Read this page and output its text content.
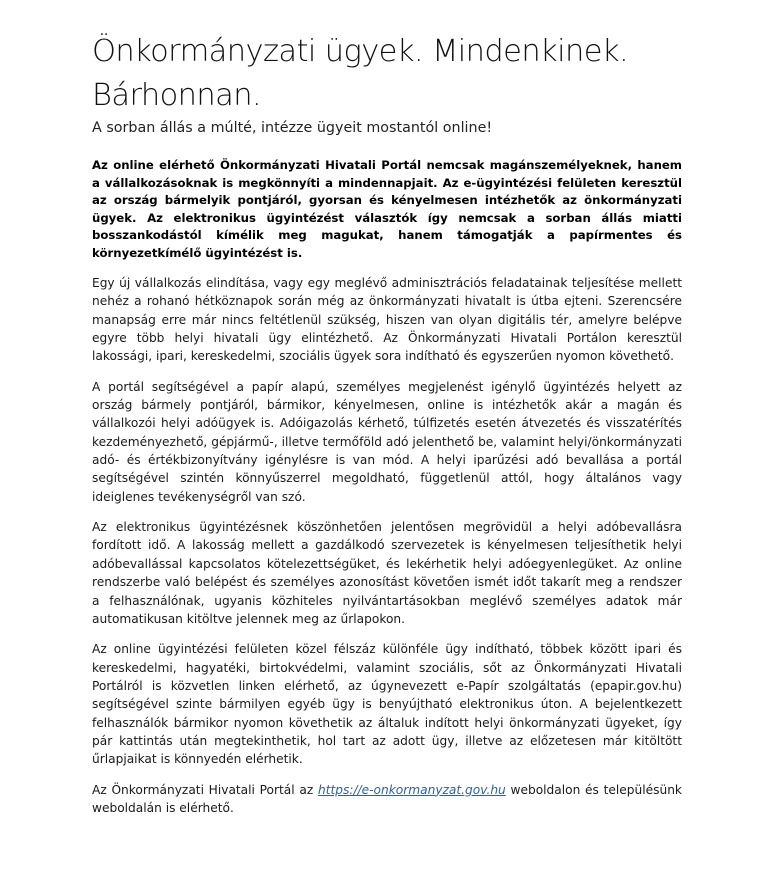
Önkormányzati ügyek. Mindenkinek. Bárhonnan.
A sorban állás a múlté, intézze ügyeit mostantól online!

Az online elérhető Önkormányzati Hivatali Portál nemcsak magánszemélyeknek, hanem a vállalkozásoknak is megkönnyíti a mindennapjait. Az e-ügyintézési felületen keresztül az ország bármelyik pontjáról, gyorsan és kényelmesen intézhetők az önkormányzati ügyek. Az elektronikus ügyintézést választók így nemcsak a sorban állás miatti bosszankodástól kímélik meg magukat, hanem támogatják a papírmentes és környezetkímélő ügyintézést is.

Egy új vállalkozás elindítása, vagy egy meglévő adminisztrációs feladatainak teljesítése mellett nehéz a rohanó hétköznapok során még az önkormányzati hivatalt is útba ejteni. Szerencsére manapság erre már nincs feltétlenül szükség, hiszen van olyan digitális tér, amelyre belépve egyre több helyi hivatali ügy elintézhető. Az Önkormányzati Hivatali Portálon keresztül lakossági, ipari, kereskedelmi, szociális ügyek sora indítható és egyszerűen nyomon követhető.

A portál segítségével a papír alapú, személyes megjelenést igénylő ügyintézés helyett az ország bármely pontjáról, bármikor, kényelmesen, online is intézhetők akár a magán és vállalkozói helyi adóügyek is. Adóigazolás kérhető, túlfizetés esetén átvezetés és visszatérítés kezdeményezhető, gépjármű-, illetve termőföld adó jelenthető be, valamint helyi/önkormányzati adó- és értékbizonyítvány igénylésre is van mód. A helyi iparűzési adó bevallása a portál segítségével szintén könnyűszerrel megoldható, függetlenül attól, hogy általános vagy ideiglenes tevékenységről van szó.

Az elektronikus ügyintézésnek köszönhetően jelentősen megrövidül a helyi adóbevallásra fordított idő. A lakosság mellett a gazdálkodó szervezetek is kényelmesen teljesíthetik helyi adóbevallással kapcsolatos kötelezettségüket, és lekérhetik helyi adóegyenlegüket. Az online rendszerbe való belépést és személyes azonosítást követően ismét időt takarít meg a rendszer a felhasználónak, ugyanis közhiteles nyilvántartásokban meglévő személyes adatok már automatikusan kitöltve jelennek meg az űrlapokon.

Az online ügyintézési felületen közel félszáz különféle ügy indítható, többek között ipari és kereskedelmi, hagyatéki, birtokvédelmi, valamint szociális, sőt az Önkormányzati Hivatali Portálról is közvetlen linken elérhető, az úgynevezett e-Papír szolgáltatás (epapir.gov.hu) segítségével szinte bármilyen egyéb ügy is benyújtható elektronikus úton. A bejelentkezett felhasználók bármikor nyomon követhetik az általuk indított helyi önkormányzati ügyeket, így pár kattintás után megtekinthetik, hol tart az adott ügy, illetve az előzetesen már kitöltött űrlapjaikat is könnyedén elérhetik.

Az Önkormányzati Hivatali Portál az https://e-onkormanyzat.gov.hu weboldalon és településünk weboldalán is elérhető.
